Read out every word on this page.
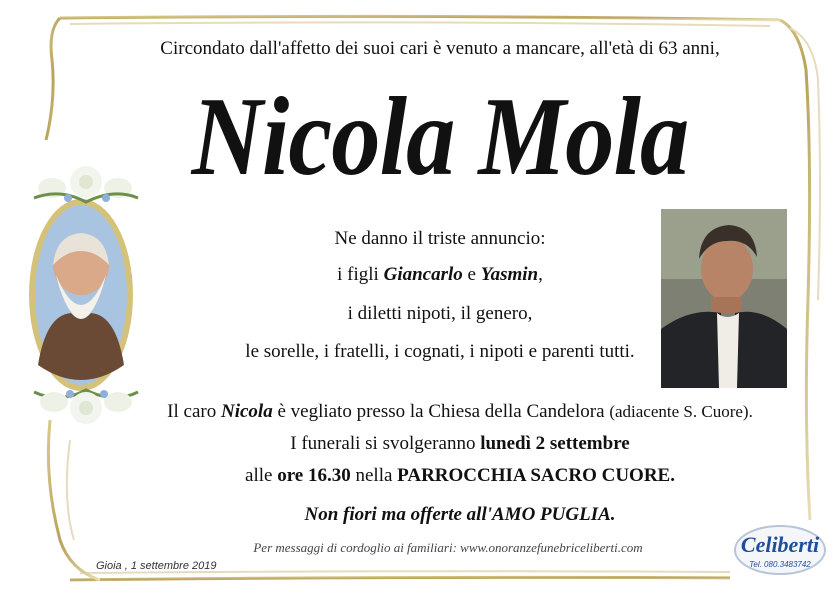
Circondato dall'affetto dei suoi cari è venuto a mancare, all'età di 63 anni,
Nicola Mola
Ne danno il triste annuncio:
i figli Giancarlo e Yasmin,
i diletti nipoti, il genero,
le sorelle, i fratelli, i cognati, i nipoti e parenti tutti.
Il caro Nicola è vegliato presso la Chiesa della Candelora (adiacente S. Cuore).
I funerali si svolgeranno lunedì 2 settembre
alle ore 16.30 nella PARROCCHIA SACRO CUORE.
Non fiori ma offerte all'AMO PUGLIA.
Per messaggi di cordoglio ai familiari: www.onoranzefunebriceliberti.com
Gioia , 1 settembre 2019
Celiberti
Tel. 080.3483742
